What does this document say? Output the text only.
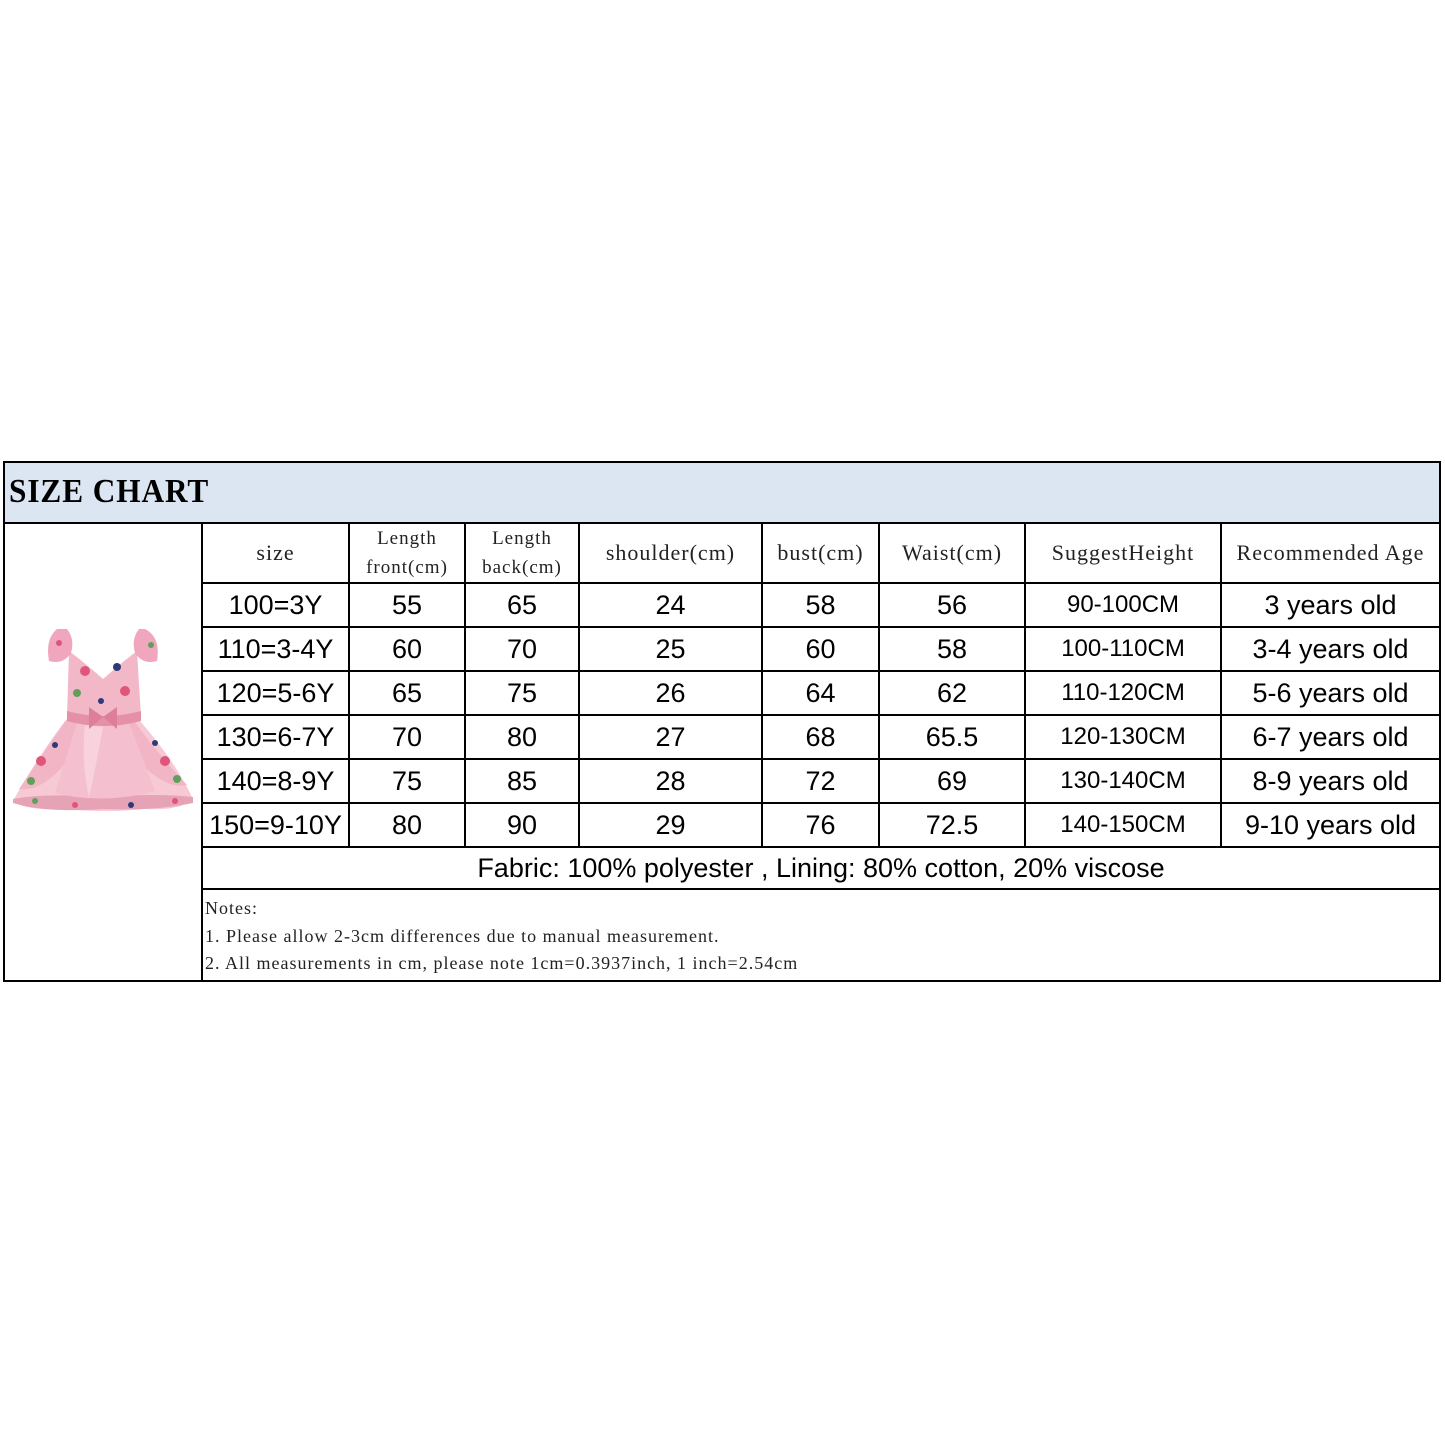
SIZE CHART
size	Length front(cm)	Length back(cm)	shoulder(cm)	bust(cm)	Waist(cm)	SuggestHeight	Recommended Age
100=3Y	55	65	24	58	56	90-100CM	3 years old
110=3-4Y	60	70	25	60	58	100-110CM	3-4 years old
120=5-6Y	65	75	26	64	62	110-120CM	5-6 years old
130=6-7Y	70	80	27	68	65.5	120-130CM	6-7 years old
140=8-9Y	75	85	28	72	69	130-140CM	8-9 years old
150=9-10Y	80	90	29	76	72.5	140-150CM	9-10 years old
Fabric: 100% polyester , Lining: 80% cotton, 20% viscose							

Notes:
1. Please allow 2-3cm differences due to manual measurement.
2. All measurements in cm, please note 1cm=0.3937inch, 1 inch=2.54cm							
